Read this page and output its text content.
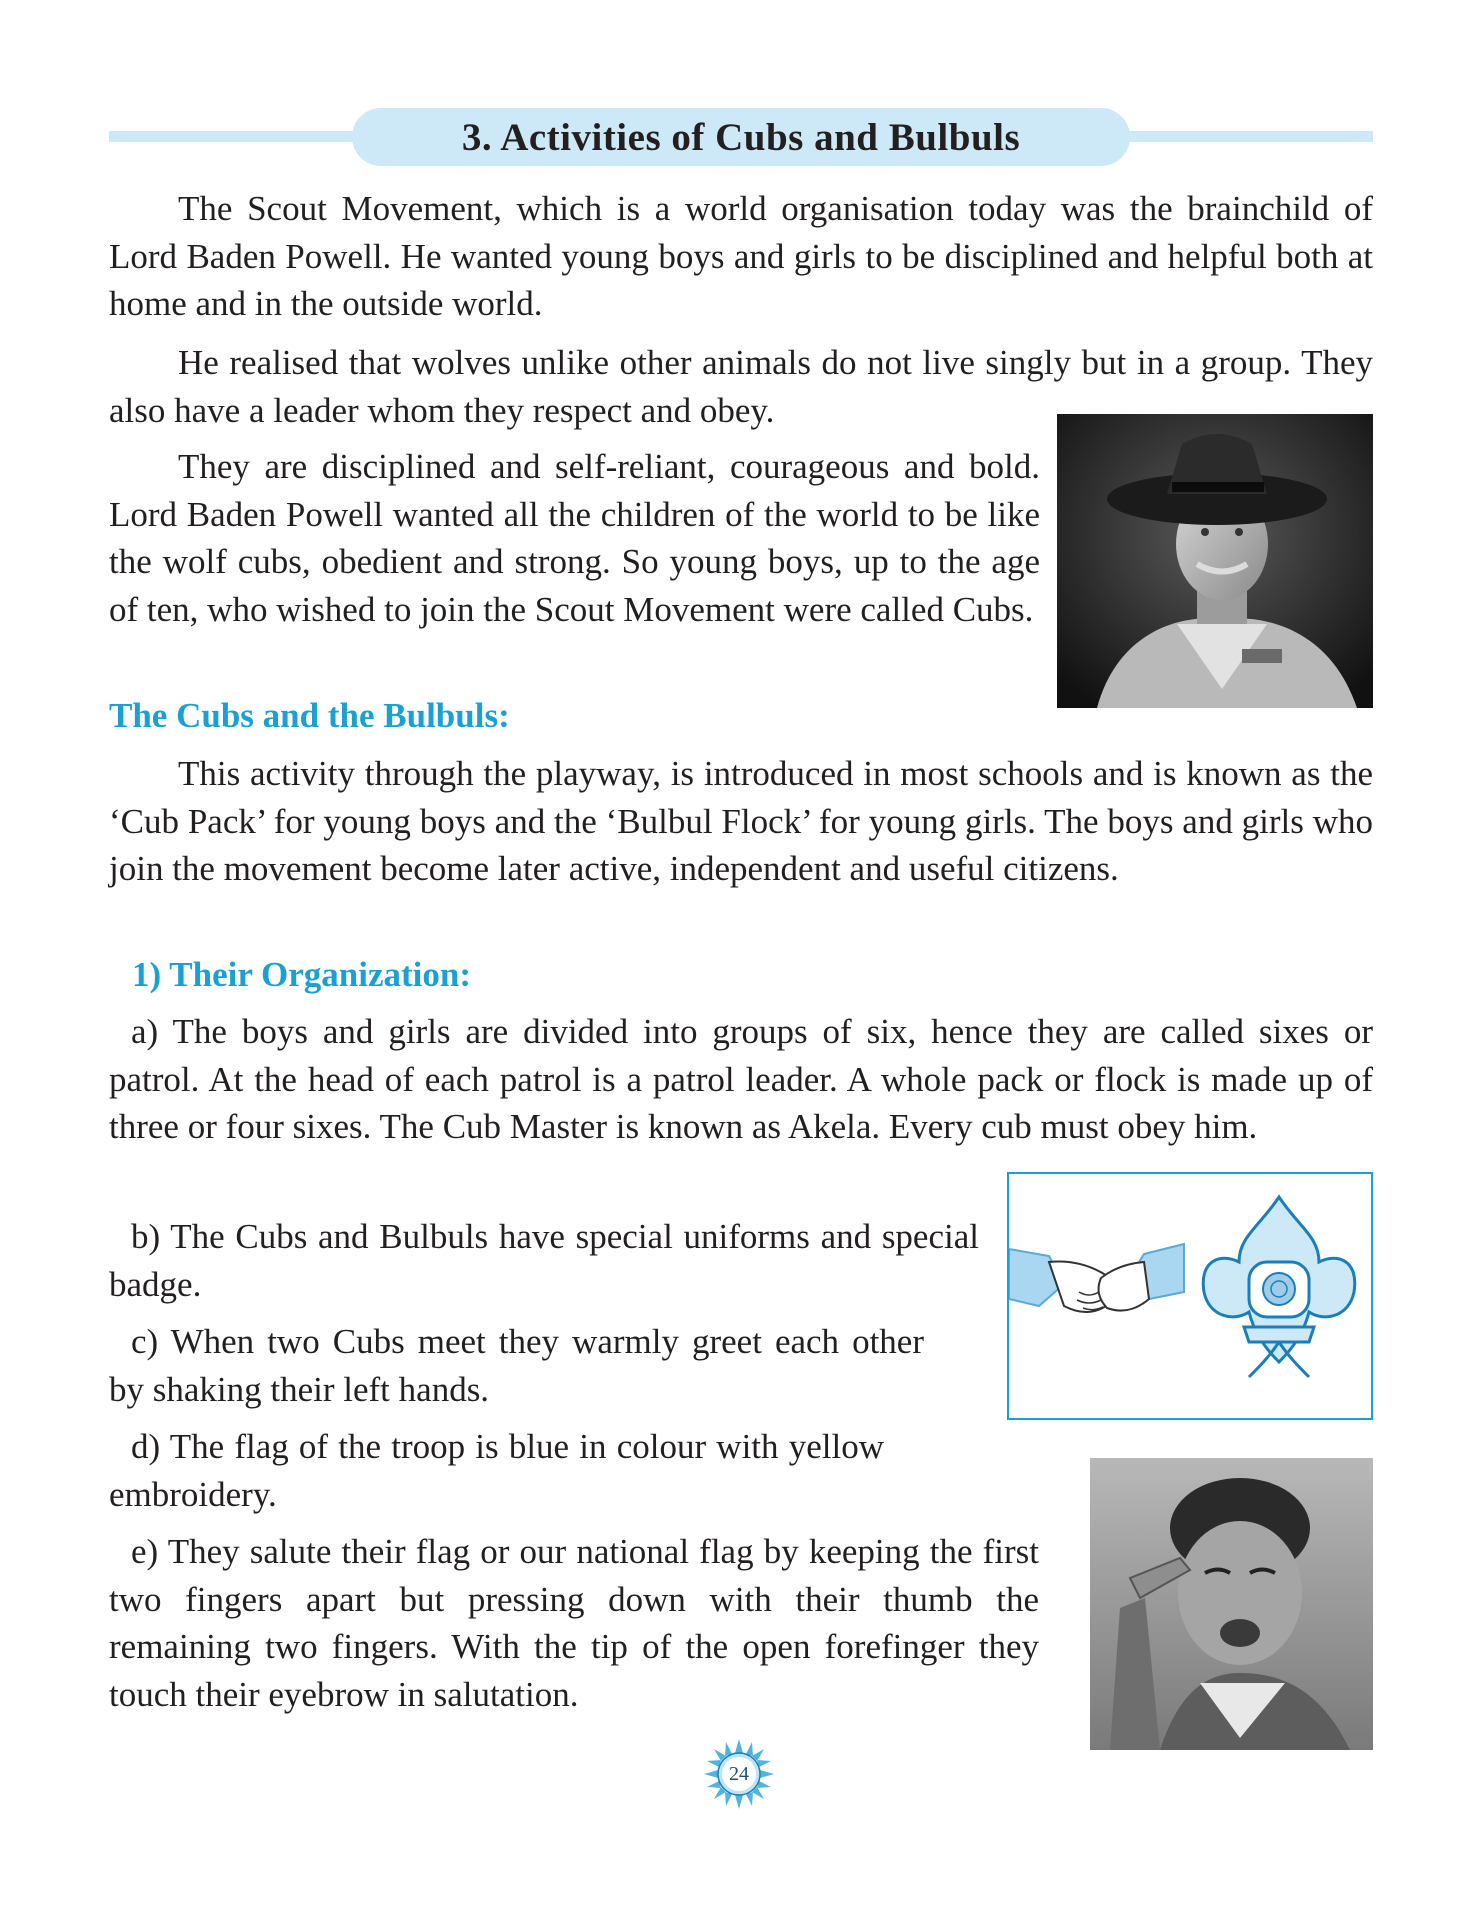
3. Activities of Cubs and Bulbuls

The Scout Movement, which is a world organisation today was the brainchild of Lord Baden Powell. He wanted young boys and girls to be disciplined and helpful both at home and in the outside world.

He realised that wolves unlike other animals do not live singly but in a group. They also have a leader whom they respect and obey.

They are disciplined and self-reliant, courageous and bold. Lord Baden Powell wanted all the children of the world to be like the wolf cubs, obedient and strong. So young boys, up to the age of ten, who wished to join the Scout Movement were called Cubs.

The Cubs and the Bulbuls:

This activity through the playway, is introduced in most schools and is known as the ‘Cub Pack’ for young boys and the ‘Bulbul Flock’ for young girls. The boys and girls who join the movement become later active, independent and useful citizens.

1) Their Organization:

a) The boys and girls are divided into groups of six, hence they are called sixes or patrol. At the head of each patrol is a patrol leader. A whole pack or flock is made up of three or four sixes. The Cub Master is known as Akela. Every cub must obey him.

b) The Cubs and Bulbuls have special uniforms and special badge.

c) When two Cubs meet they warmly greet each other by shaking their left hands.

d) The flag of the troop is blue in colour with yellow embroidery.

e) They salute their flag or our national flag by keeping the first two fingers apart but pressing down with their thumb the remaining two fingers. With the tip of the open forefinger they touch their eyebrow in salutation.

24
